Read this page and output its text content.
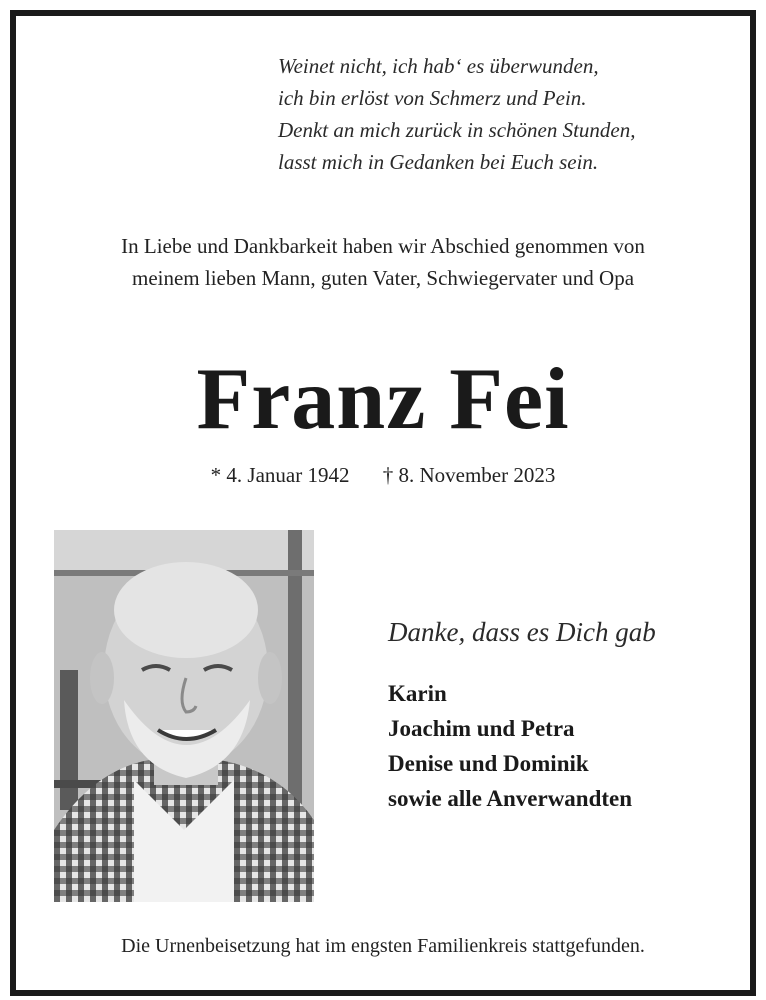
Weinet nicht, ich hab‘ es überwunden,
ich bin erlöst von Schmerz und Pein.
Denkt an mich zurück in schönen Stunden,
lasst mich in Gedanken bei Euch sein.
In Liebe und Dankbarkeit haben wir Abschied genommen von
meinem lieben Mann, guten Vater, Schwiegervater und Opa
Franz Fei
* 4. Januar 1942 † 8. November 2023
Danke, dass es Dich gab
Karin
Joachim und Petra
Denise und Dominik
sowie alle Anverwandten
Die Urnenbeisetzung hat im engsten Familienkreis stattgefunden.
